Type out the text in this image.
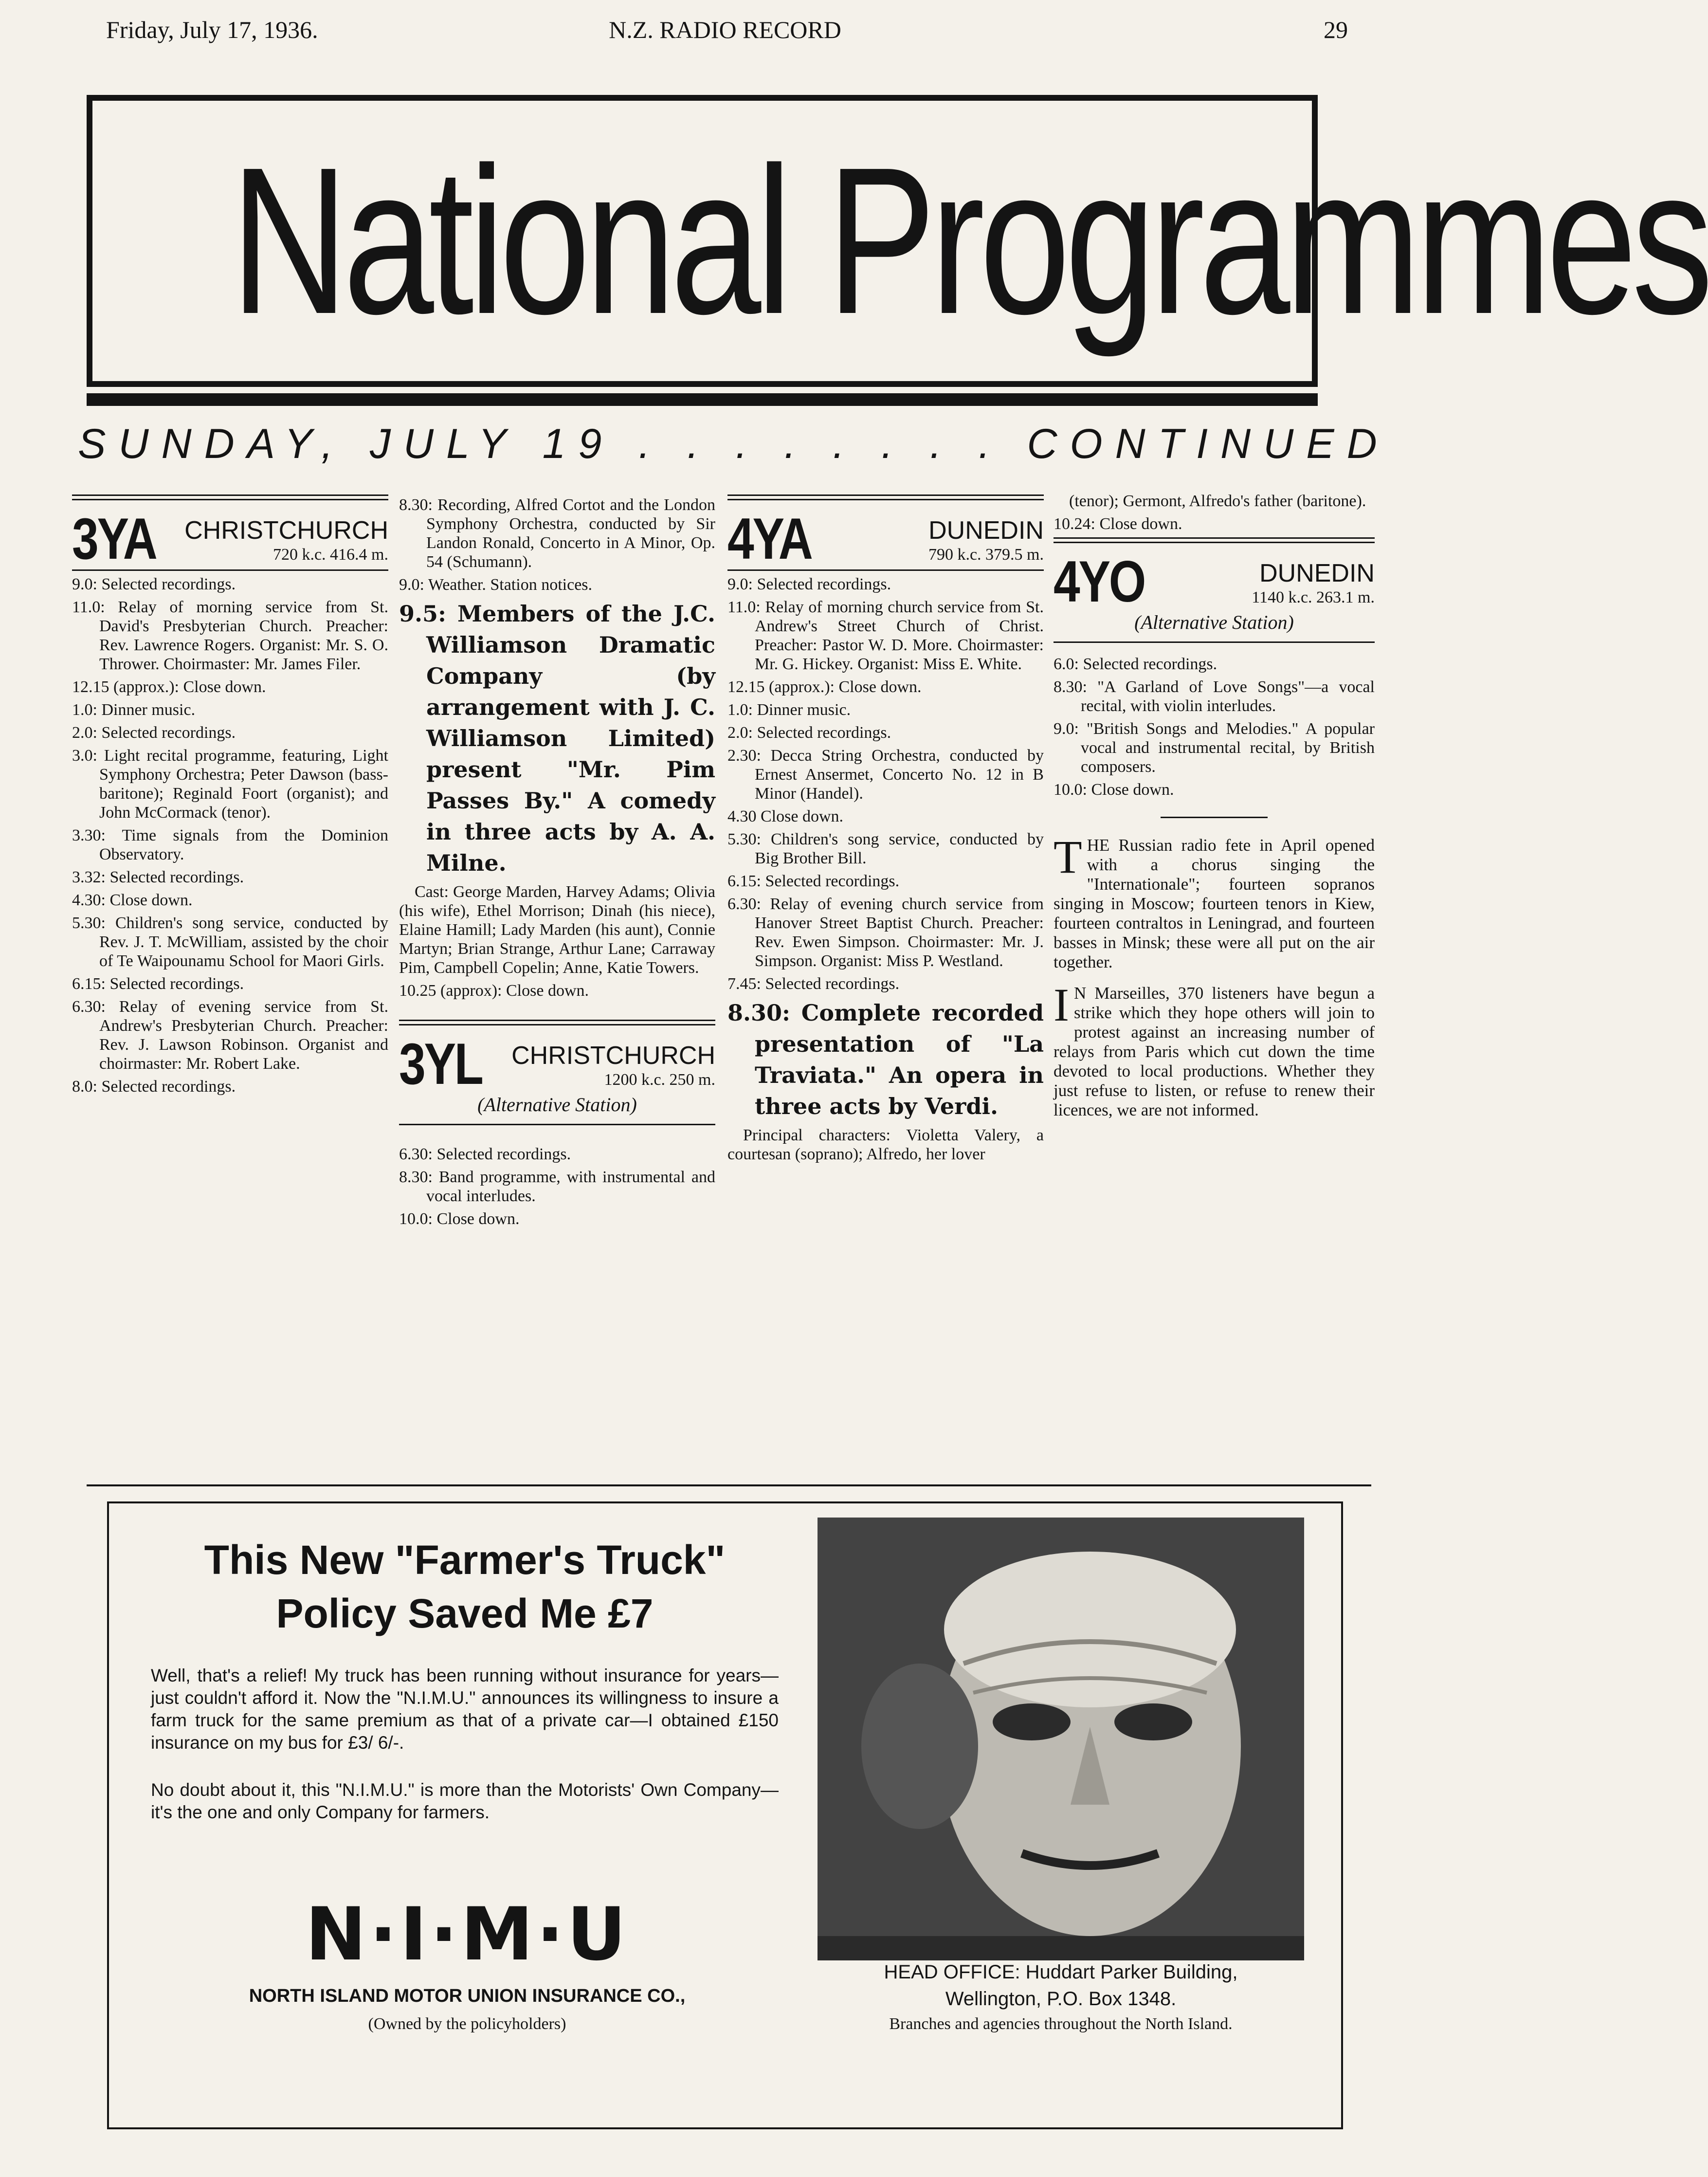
Friday, July 17, 1936.	N.Z. RADIO RECORD	29
National Programmes
SUNDAY, JULY 19 . . . . . . . . CONTINUED
3YA	CHRISTCHURCH
720 k.c. 416.4 m.

9.0: Selected recordings.

11.0: Relay of morning service from St. David's Presbyterian Church. Preacher: Rev. Lawrence Rogers. Organist: Mr. S. O. Thrower. Choirmaster: Mr. James Filer.

12.15 (approx.): Close down.

1.0: Dinner music.

2.0: Selected recordings.

3.0: Light recital programme, featuring, Light Symphony Orchestra; Peter Dawson (bass-baritone); Reginald Foort (organist); and John McCormack (tenor).

3.30: Time signals from the Dominion Observatory.

3.32: Selected recordings.

4.30: Close down.

5.30: Children's song service, conducted by Rev. J. T. McWilliam, assisted by the choir of Te Waipounamu School for Maori Girls.

6.15: Selected recordings.

6.30: Relay of evening service from St. Andrew's Presbyterian Church. Preacher: Rev. J. Lawson Robinson. Organist and choirmaster: Mr. Robert Lake.

8.0: Selected recordings.

8.30: Recording, Alfred Cortot and the London Symphony Orchestra, conducted by Sir Landon Ronald, Concerto in A Minor, Op. 54 (Schumann).

9.0: Weather. Station notices.

9.5: Members of the J.C. Williamson Dramatic Company (by arrangement with J. C. Williamson Limited) present "Mr. Pim Passes By." A comedy in three acts by A. A. Milne.

Cast: George Marden, Harvey Adams; Olivia (his wife), Ethel Morrison; Dinah (his niece), Elaine Hamill; Lady Marden (his aunt), Connie Martyn; Brian Strange, Arthur Lane; Carraway Pim, Campbell Copelin; Anne, Katie Towers.

10.25 (approx): Close down.

3YL	CHRISTCHURCH
1200 k.c. 250 m.
(Alternative Station)

6.30: Selected recordings.

8.30: Band programme, with instrumental and vocal interludes.

10.0: Close down.

4YA	DUNEDIN
790 k.c. 379.5 m.

9.0: Selected recordings.

11.0: Relay of morning church service from St. Andrew's Street Church of Christ. Preacher: Pastor W. D. More. Choirmaster: Mr. G. Hickey. Organist: Miss E. White.

12.15 (approx.): Close down.

1.0: Dinner music.

2.0: Selected recordings.

2.30: Decca String Orchestra, conducted by Ernest Ansermet, Concerto No. 12 in B Minor (Handel).

4.30 Close down.

5.30: Children's song service, conducted by Big Brother Bill.

6.15: Selected recordings.

6.30: Relay of evening church service from Hanover Street Baptist Church. Preacher: Rev. Ewen Simpson. Choirmaster: Mr. J. Simpson. Organist: Miss P. Westland.

7.45: Selected recordings.

8.30: Complete recorded presentation of "La Traviata." An opera in three acts by Verdi.

Principal characters: Violetta Valery, a courtesan (soprano); Alfredo, her lover

(tenor); Germont, Alfredo's father (baritone).

10.24: Close down.

4YO	DUNEDIN
1140 k.c. 263.1 m.
(Alternative Station)

6.0: Selected recordings.

8.30: "A Garland of Love Songs"—a vocal recital, with violin interludes.

9.0: "British Songs and Melodies." A popular vocal and instrumental recital, by British composers.

10.0: Close down.

THE Russian radio fete in April opened with a chorus singing the "Internationale"; fourteen sopranos singing in Moscow; fourteen tenors in Kiew, fourteen contraltos in Leningrad, and fourteen basses in Minsk; these were all put on the air together.
I N Marseilles, 370 listeners have begun a strike which they hope others will join to protest against an increasing number of relays from Paris which cut down the time devoted to local productions. Whether they just refuse to listen, or refuse to renew their licences, we are not informed.
This New "Farmer's Truck"
Policy Saved Me £7
Well, that's a relief! My truck has been running without insurance for years—just couldn't afford it. Now the "N.I.M.U." announces its willingness to insure a farm truck for the same premium as that of a private car—I obtained £150 insurance on my bus for £3/ 6/-.
No doubt about it, this "N.I.M.U." is more than the Motorists' Own Company—it's the one and only Company for farmers.
N·I·M·U
NORTH ISLAND MOTOR UNION INSURANCE CO.,
(Owned by the policyholders)
HEAD OFFICE: Huddart Parker Building,
Wellington, P.O. Box 1348.
Branches and agencies throughout the North Island.
